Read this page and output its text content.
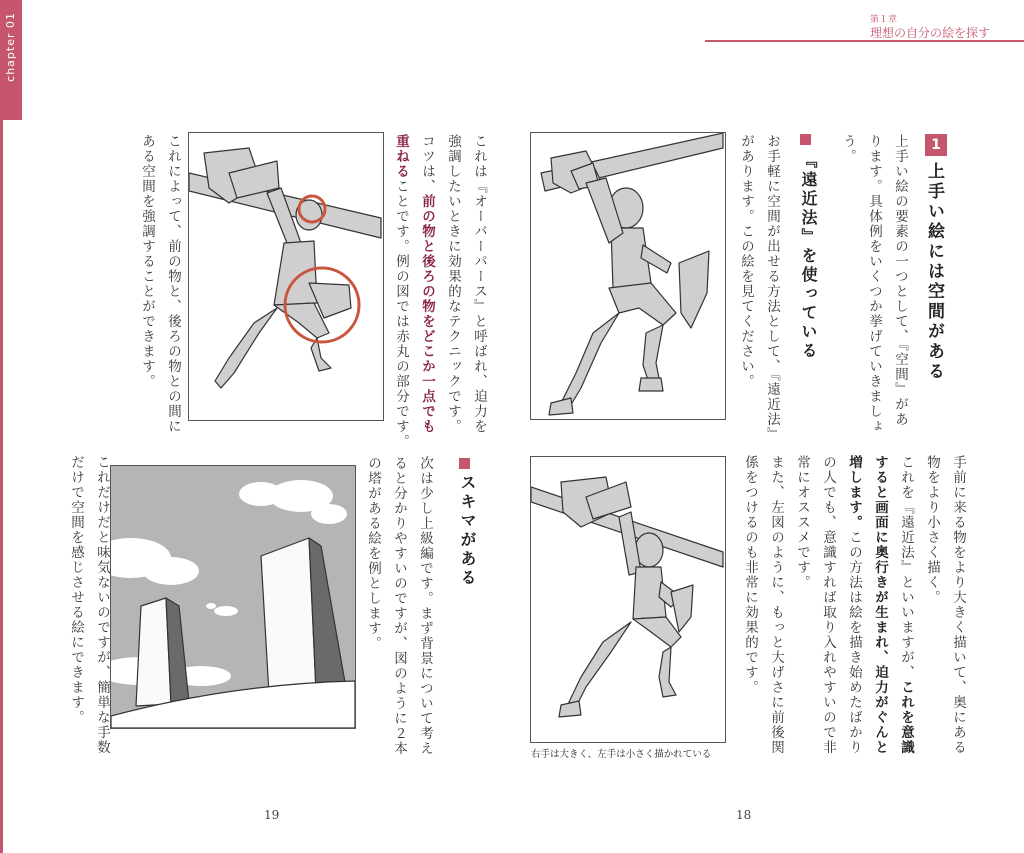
chapter 01	第１章
理想の自分の絵を探す
1
上手い絵には空間がある
上手い絵の要素の一つとして、『空間』があ
ります。具体例をいくつか挙げていきましょ
う。
『遠近法』を使っている
お手軽に空間が出せる方法として、『遠近法』
があります。この絵を見てください。
手前に来る物をより大きく描いて、奥にある
物をより小さく描く。
これを『遠近法』といいますが、これを意識
すると画面に奥行きが生まれ、迫力がぐんと
増します。この方法は絵を描き始めたばかり
の人でも、意識すれば取り入れやすいので非
常にオススメです。
また、左図のように、もっと大げさに前後関
係をつけるのも非常に効果的です。
右手は大きく、左手は小さく描かれている
これは『オーバーパース』と呼ばれ、迫力を
強調したいときに効果的なテクニックです。
コツは、前の物と後ろの物をどこか一点でも
重ねることです。例の図では赤丸の部分です。
これによって、前の物と、後ろの物との間に
ある空間を強調することができます。
スキマがある
次は少し上級編です。まず背景について考え
ると分かりやすいのですが、図のように２本
の塔がある絵を例とします。
これだけだと味気ないのですが、簡単な手数
だけで空間を感じさせる絵にできます。
19	18
